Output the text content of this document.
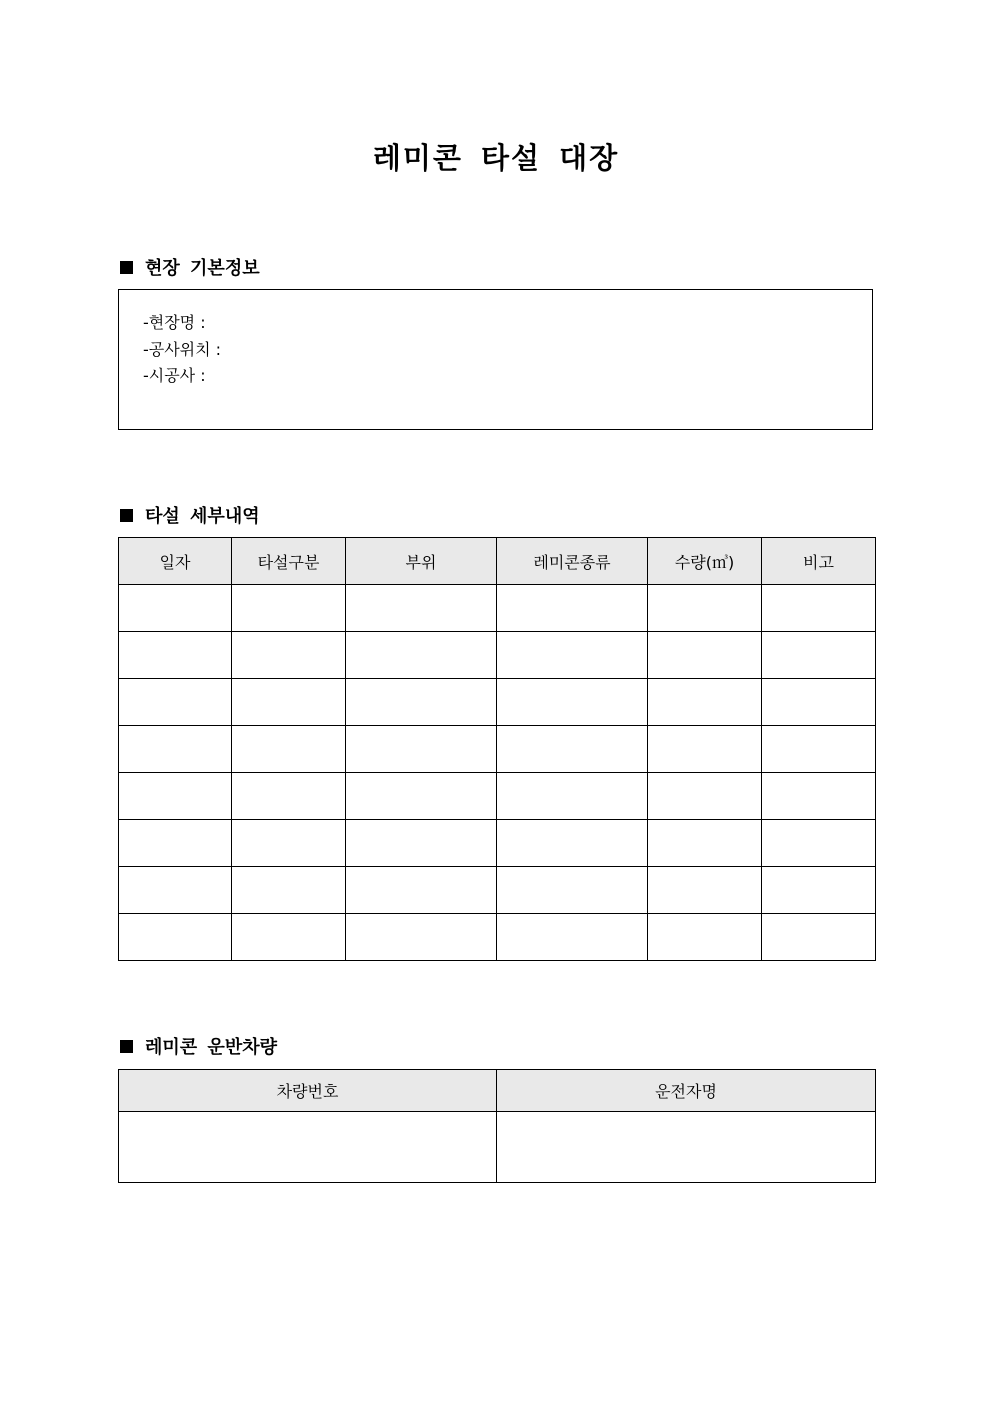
레미콘 타설 대장
현장 기본정보
-현장명 :
-공사위치 :
-시공사 :
타설 세부내역
일자	타설구분	부위	레미콘종류	수량(㎥)	비고

레미콘 운반차량
차량번호	운전자명
